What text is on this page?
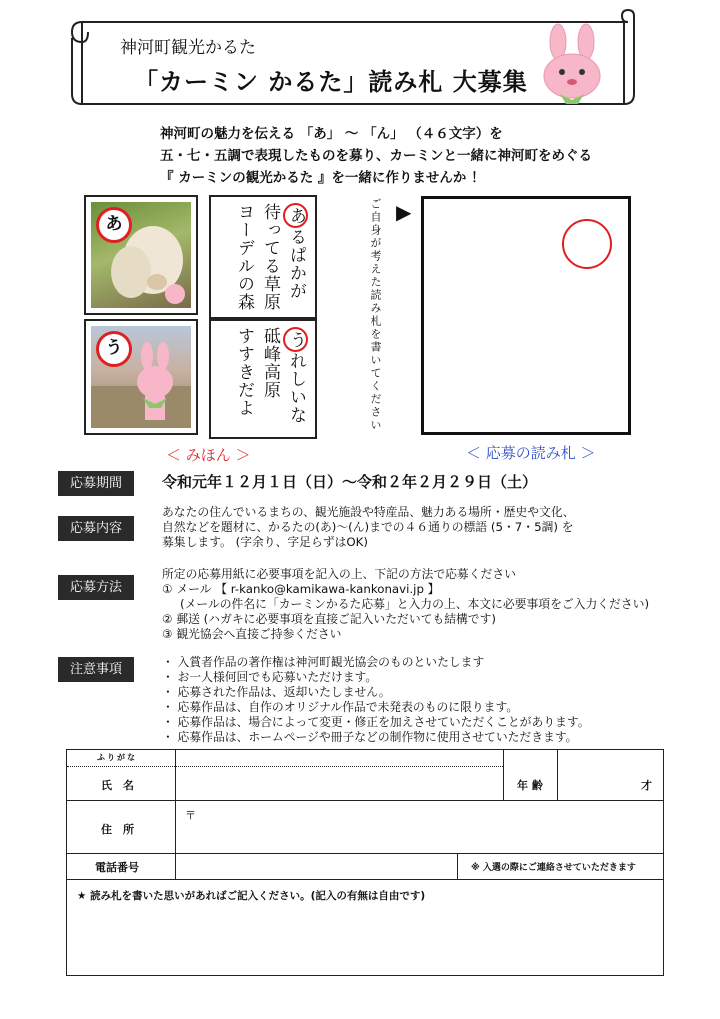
神河町観光かるた
「カーミン かるた」読み札 大募集
神河町の魅力を伝える 「あ」 ～ 「ん」 （４６文字）を
五・七・五調で表現したものを募り、カーミンと一緒に神河町をめぐる
『 カーミンの観光かるた 』を一緒に作りませんか ！
あ	あるぱかが
待ってる草原
ヨーデルの森
う	うれしいな
砥峰高原
すすきだよ	ご自身が考えた読み札を書いてください ▶
＜ みほん ＞	＜ 応募の読み札 ＞
応募期間	令和元年１２月１日（日）～令和２年２月２９日（土）
応募内容
あなたの住んでいるまちの、観光施設や特産品、魅力ある場所・歴史や文化、
自然などを題材に、かるたの(あ)～(ん)までの４６通りの標語 (5・7・5調) を
募集します。 (字余り、字足らずはOK)
応募方法
所定の応募用紙に必要事項を記入の上、下記の方法で応募ください
① メール 【 r-kanko@kamikawa-kankonavi.jp 】
(メールの件名に「カーミンかるた応募」と入力の上、本文に必要事項をご入力ください)
② 郵送 (ハガキに必要事項を直接ご記入いただいても結構です)
③ 観光協会へ直接ご持参ください
注意事項	・ 入賞者作品の著作権は神河町観光協会のものといたします
・ お一人様何回でも応募いただけます。
・ 応募された作品は、返却いたしません。
・ 応募作品は、自作のオリジナル作品で未発表のものに限ります。
・ 応募作品は、場合によって変更・修正を加えさせていただくことがあります。
・ 応募作品は、ホームページや冊子などの制作物に使用させていただきます。
ふりがな
氏　名	年 齢	才
住　所
〒
電話番号	※ 入選の際にご連絡させていただきます
★ 読み札を書いた思いがあればご記入ください。(記入の有無は自由です)
